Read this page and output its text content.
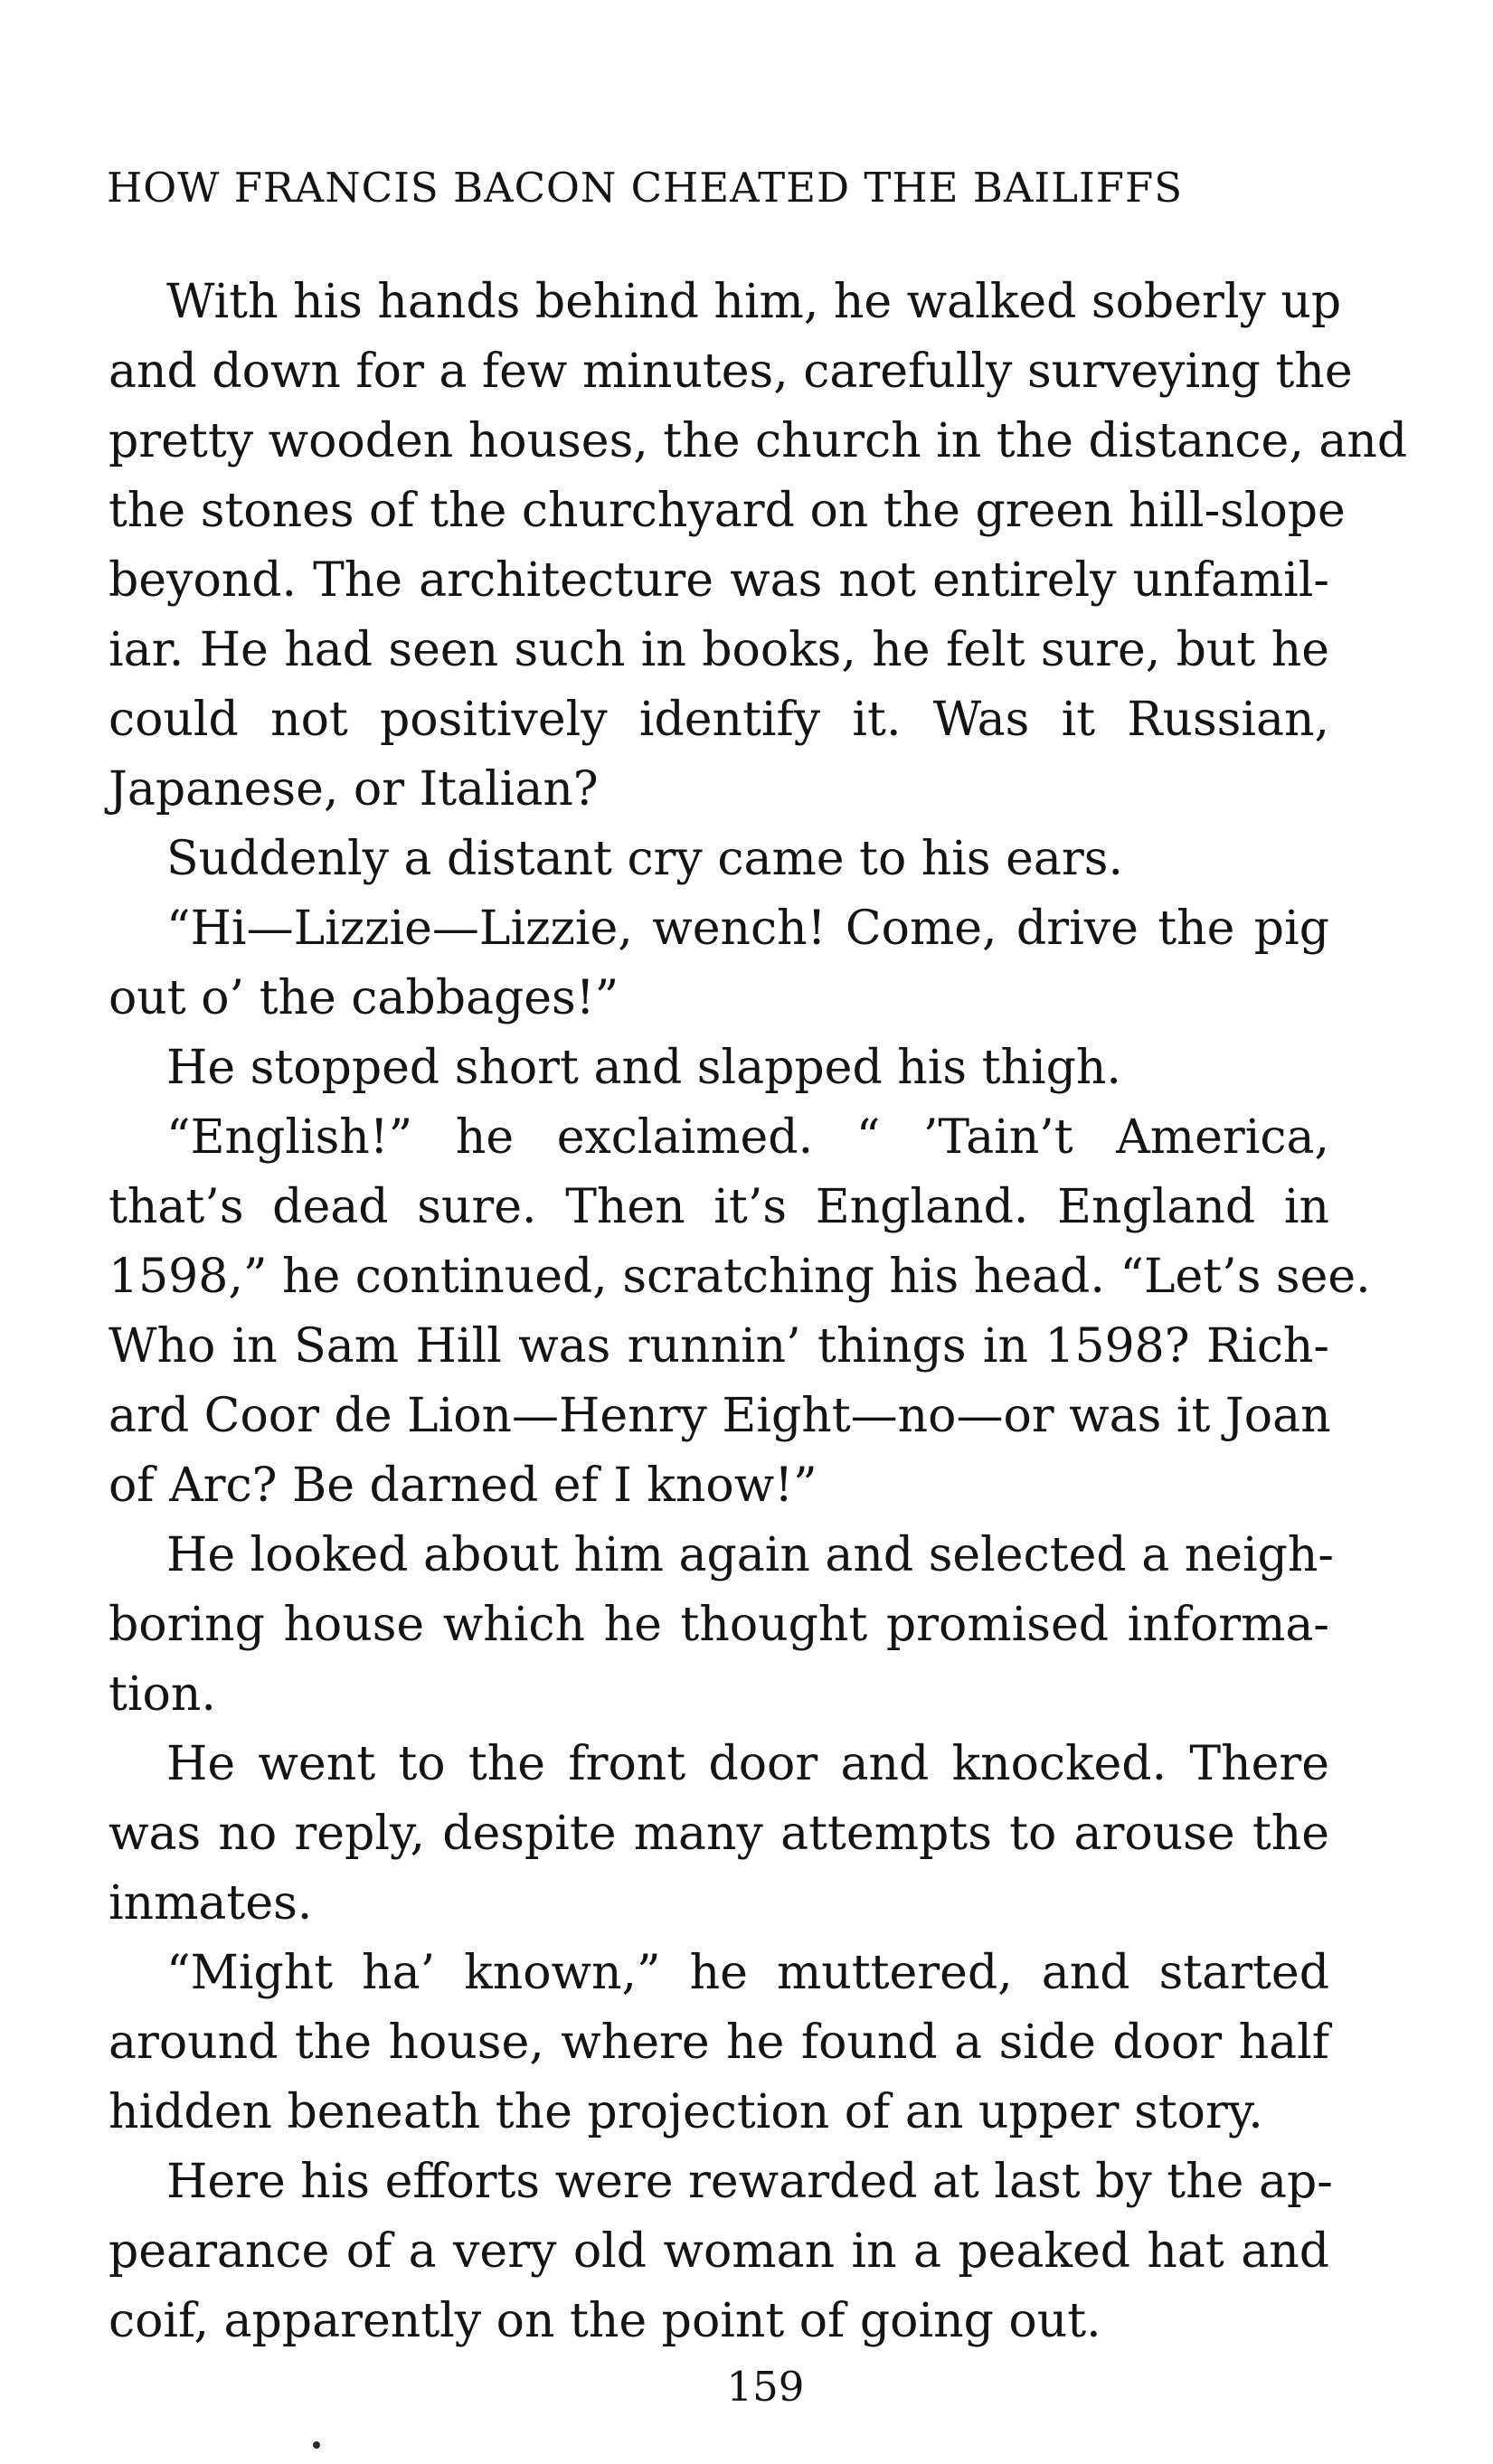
HOW FRANCIS BACON CHEATED THE BAILIFFS
With his hands behind him, he walked soberly up
and down for a few minutes, carefully surveying the
pretty wooden houses, the church in the distance, and
the stones of the churchyard on the green hill-slope
beyond. The architecture was not entirely unfamil-
iar. He had seen such in books, he felt sure, but he
could not positively identify it. Was it Russian,
Japanese, or Italian?
Suddenly a distant cry came to his ears.
“Hi—Lizzie—Lizzie, wench! Come, drive the pig
out o’ the cabbages!”
He stopped short and slapped his thigh.
“English!” he exclaimed. “ ’Tain’t America,
that’s dead sure. Then it’s England. England in
1598,” he continued, scratching his head. “Let’s see.
Who in Sam Hill was runnin’ things in 1598? Rich-
ard Coor de Lion—Henry Eight—no—or was it Joan
of Arc? Be darned ef I know!”
He looked about him again and selected a neigh-
boring house which he thought promised informa-
tion.
He went to the front door and knocked. There
was no reply, despite many attempts to arouse the
inmates.
“Might ha’ known,” he muttered, and started
around the house, where he found a side door half
hidden beneath the projection of an upper story.
Here his efforts were rewarded at last by the ap-
pearance of a very old woman in a peaked hat and
coif, apparently on the point of going out.
159
